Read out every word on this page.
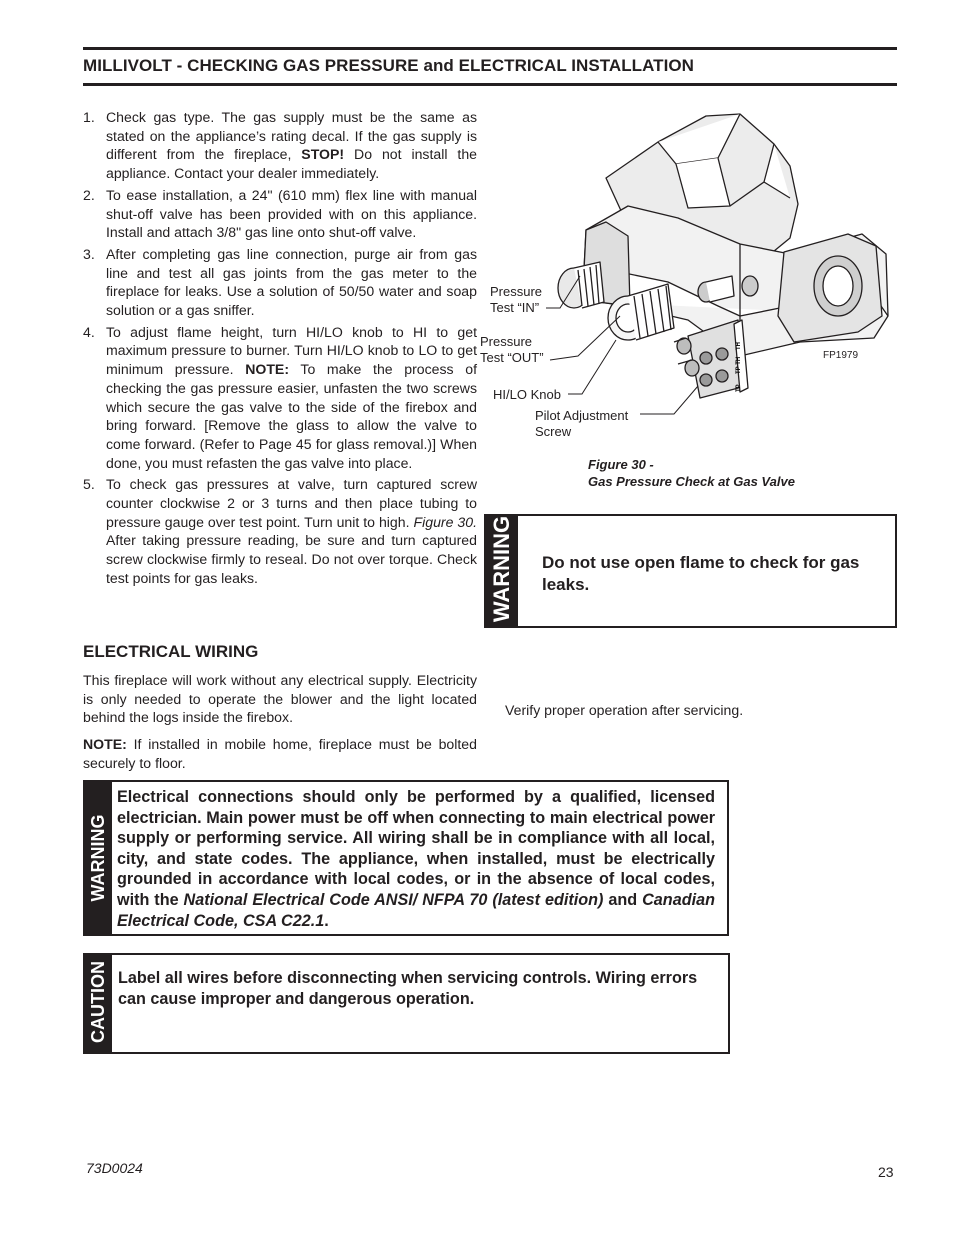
MILLIVOLT - CHECKING GAS PRESSURE and ELECTRICAL INSTALLATION
1. Check gas type. The gas supply must be the same as stated on the appliance’s rating decal. If the gas supply is different from the fireplace, STOP! Do not install the appliance. Contact your dealer immediately.
2. To ease installation, a 24" (610 mm) flex line with manual shut-off valve has been provided with on this appliance. Install and attach 3/8" gas line onto shut-off valve.
3. After completing gas line connection, purge air from gas line and test all gas joints from the gas meter to the fireplace for leaks. Use a solution of 50/50 water and soap solution or a gas sniffer.
4. To adjust flame height, turn HI/LO knob to HI to get maximum pressure to burner. Turn HI/LO knob to LO to get minimum pressure. NOTE: To make the process of checking the gas pressure easier, unfasten the two screws which secure the gas valve to the side of the firebox and bring forward. [Remove the glass to allow the valve to come forward. (Refer to Page 45 for glass removal.)] When done, you must refasten the gas valve into place.
5. To check gas pressures at valve, turn captured screw counter clockwise 2 or 3 turns and then place tubing to pressure gauge over test point. Turn unit to high. Figure 30. After taking pressure reading, be sure and turn captured screw clockwise firmly to reseal. Do not over torque. Check test points for gas leaks.
TH
TP TH
TP
Pressure
Test “IN”
Pressure
Test “OUT”
HI/LO Knob
Pilot Adjustment
Screw
FP1979
Figure 30 -
Gas Pressure Check at Gas Valve
WARNING Do not use open flame to check for gas leaks.
ELECTRICAL WIRING
This fireplace will work without any electrical supply. Electricity is only needed to operate the blower and the light located behind the logs inside the firebox.
NOTE: If installed in mobile home, fireplace must be bolted securely to floor.
Verify proper operation after servicing.
WARNING
Electrical connections should only be performed by a qualified, licensed electrician. Main power must be off when connecting to main electrical power supply or performing service. All wiring shall be in compliance with all local, city, and state codes. The appliance, when installed, must be electrically grounded in accordance with local codes, or in the absence of local codes, with the National Electrical Code ANSI/ NFPA 70 (latest edition) and Canadian Electrical Code, CSA C22.1.
CAUTION Label all wires before disconnecting when servicing controls. Wiring errors can cause improper and dangerous operation.
73D0024	23
